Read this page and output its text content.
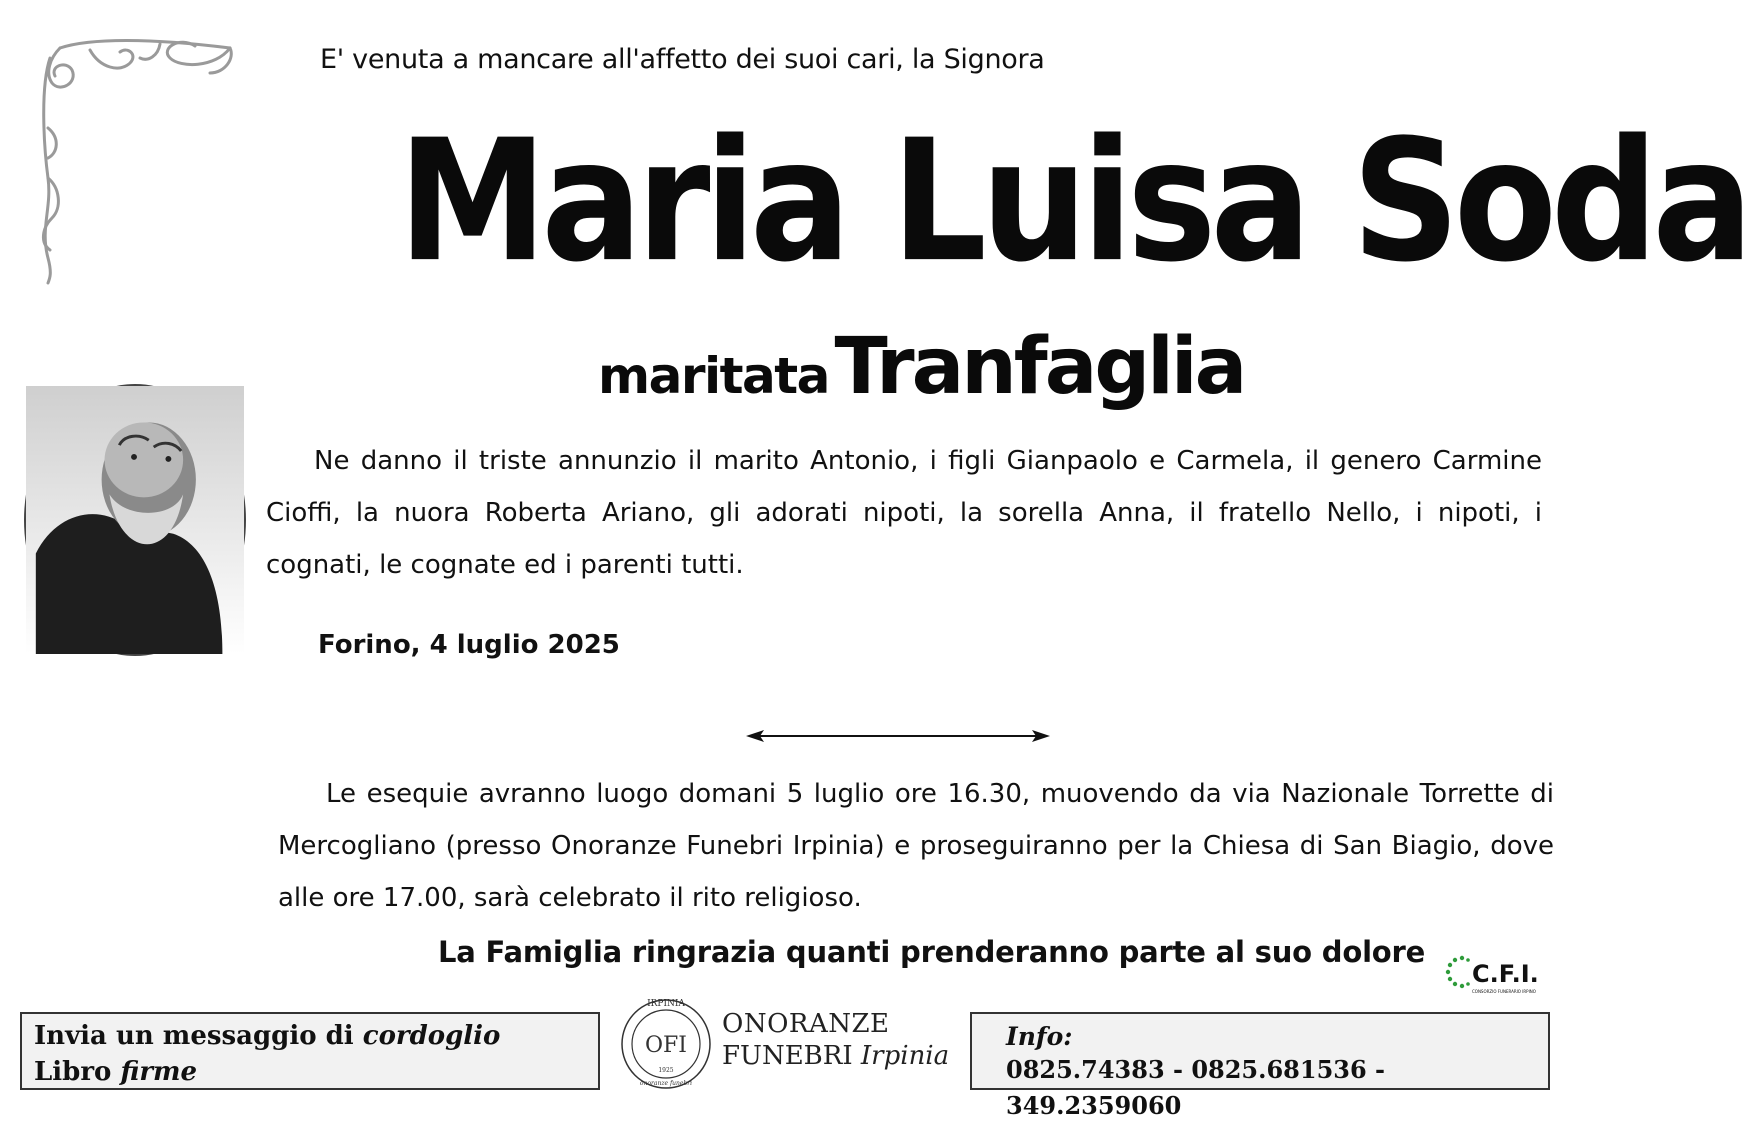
E' venuta a mancare all'affetto dei suoi cari, la Signora
Maria Luisa Soda
maritata Tranfaglia

Ne danno il triste annunzio il marito Antonio, i figli Gianpaolo e Carmela, il genero Carmine Cioffi, la nuora Roberta Ariano, gli adorati nipoti, la sorella Anna, il fratello Nello, i nipoti, i cognati, le cognate ed i parenti tutti.

Forino, 4 luglio 2025

Le esequie avranno luogo domani 5 luglio ore 16.30, muovendo da via Nazionale Torrette di Mercogliano (presso Onoranze Funebri Irpinia) e proseguiranno per la Chiesa di San Biagio, dove alle ore 17.00, sarà celebrato il rito religioso.

La Famiglia ringrazia quanti prenderanno parte al suo dolore
C.F.I.
CONSORZIO FUNERARIO IRPINO
Invia un messaggio di cordoglio
Libro firme
IRPINIA
OFI
1925
onoranze funebri
ONORANZE
FUNEBRI Irpinia
Info:
0825.74383 - 0825.681536 - 349.2359060
